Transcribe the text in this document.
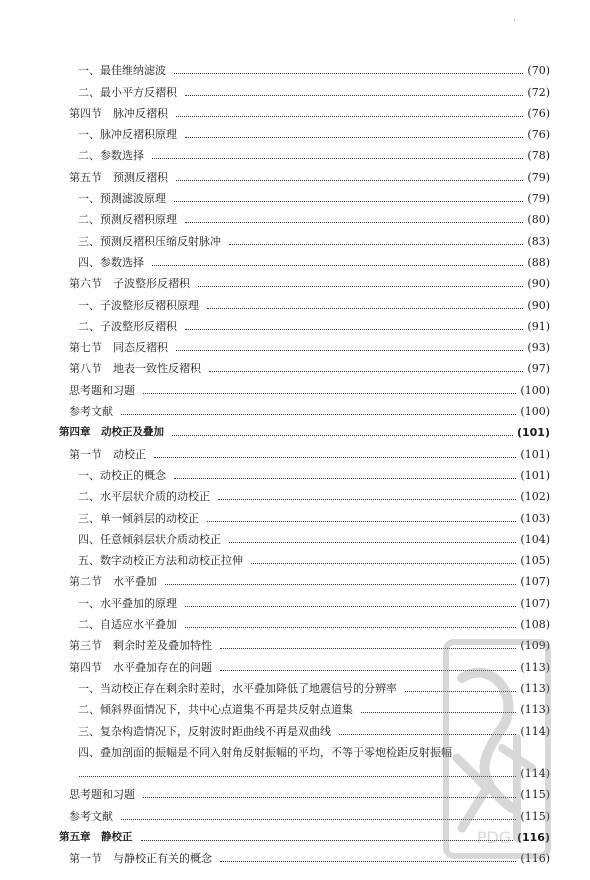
·
一、最佳维纳滤波	(70)
二、最小平方反褶积	(72)
第四节　脉冲反褶积	(76)
一、脉冲反褶积原理	(76)
二、参数选择	(78)
第五节　预测反褶积	(79)
一、预测滤波原理	(79)
二、预测反褶积原理	(80)
三、预测反褶积压缩反射脉冲	(83)
四、参数选择	(88)
第六节　子波整形反褶积	(90)
一、子波整形反褶积原理	(90)
二、子波整形反褶积	(91)
第七节　同态反褶积	(93)
第八节　地表一致性反褶积	(97)
思考题和习题	(100)
参考文献	(100)
第四章　动校正及叠加	(101)
第一节　动校正	(101)
一、动校正的概念	(101)
二、水平层状介质的动校正	(102)
三、单一倾斜层的动校正	(103)
四、任意倾斜层状介质动校正	(104)
五、数字动校正方法和动校正拉伸	(105)
第二节　水平叠加	(107)
一、水平叠加的原理	(107)
二、自适应水平叠加	(108)
第三节　剩余时差及叠加特性	(109)
第四节　水平叠加存在的问题	(113)
一、当动校正存在剩余时差时，水平叠加降低了地震信号的分辨率	(113)
二、倾斜界面情况下，共中心点道集不再是共反射点道集	(113)
三、复杂构造情况下，反射波时距曲线不再是双曲线	(114)
四、叠加剖面的振幅是不同入射角反射振幅的平均，不等于零炮检距反射振幅
(114)
思考题和习题	(115)
参考文献	(115)
第五章　静校正	(116)
第一节　与静校正有关的概念	(116)
PDG
